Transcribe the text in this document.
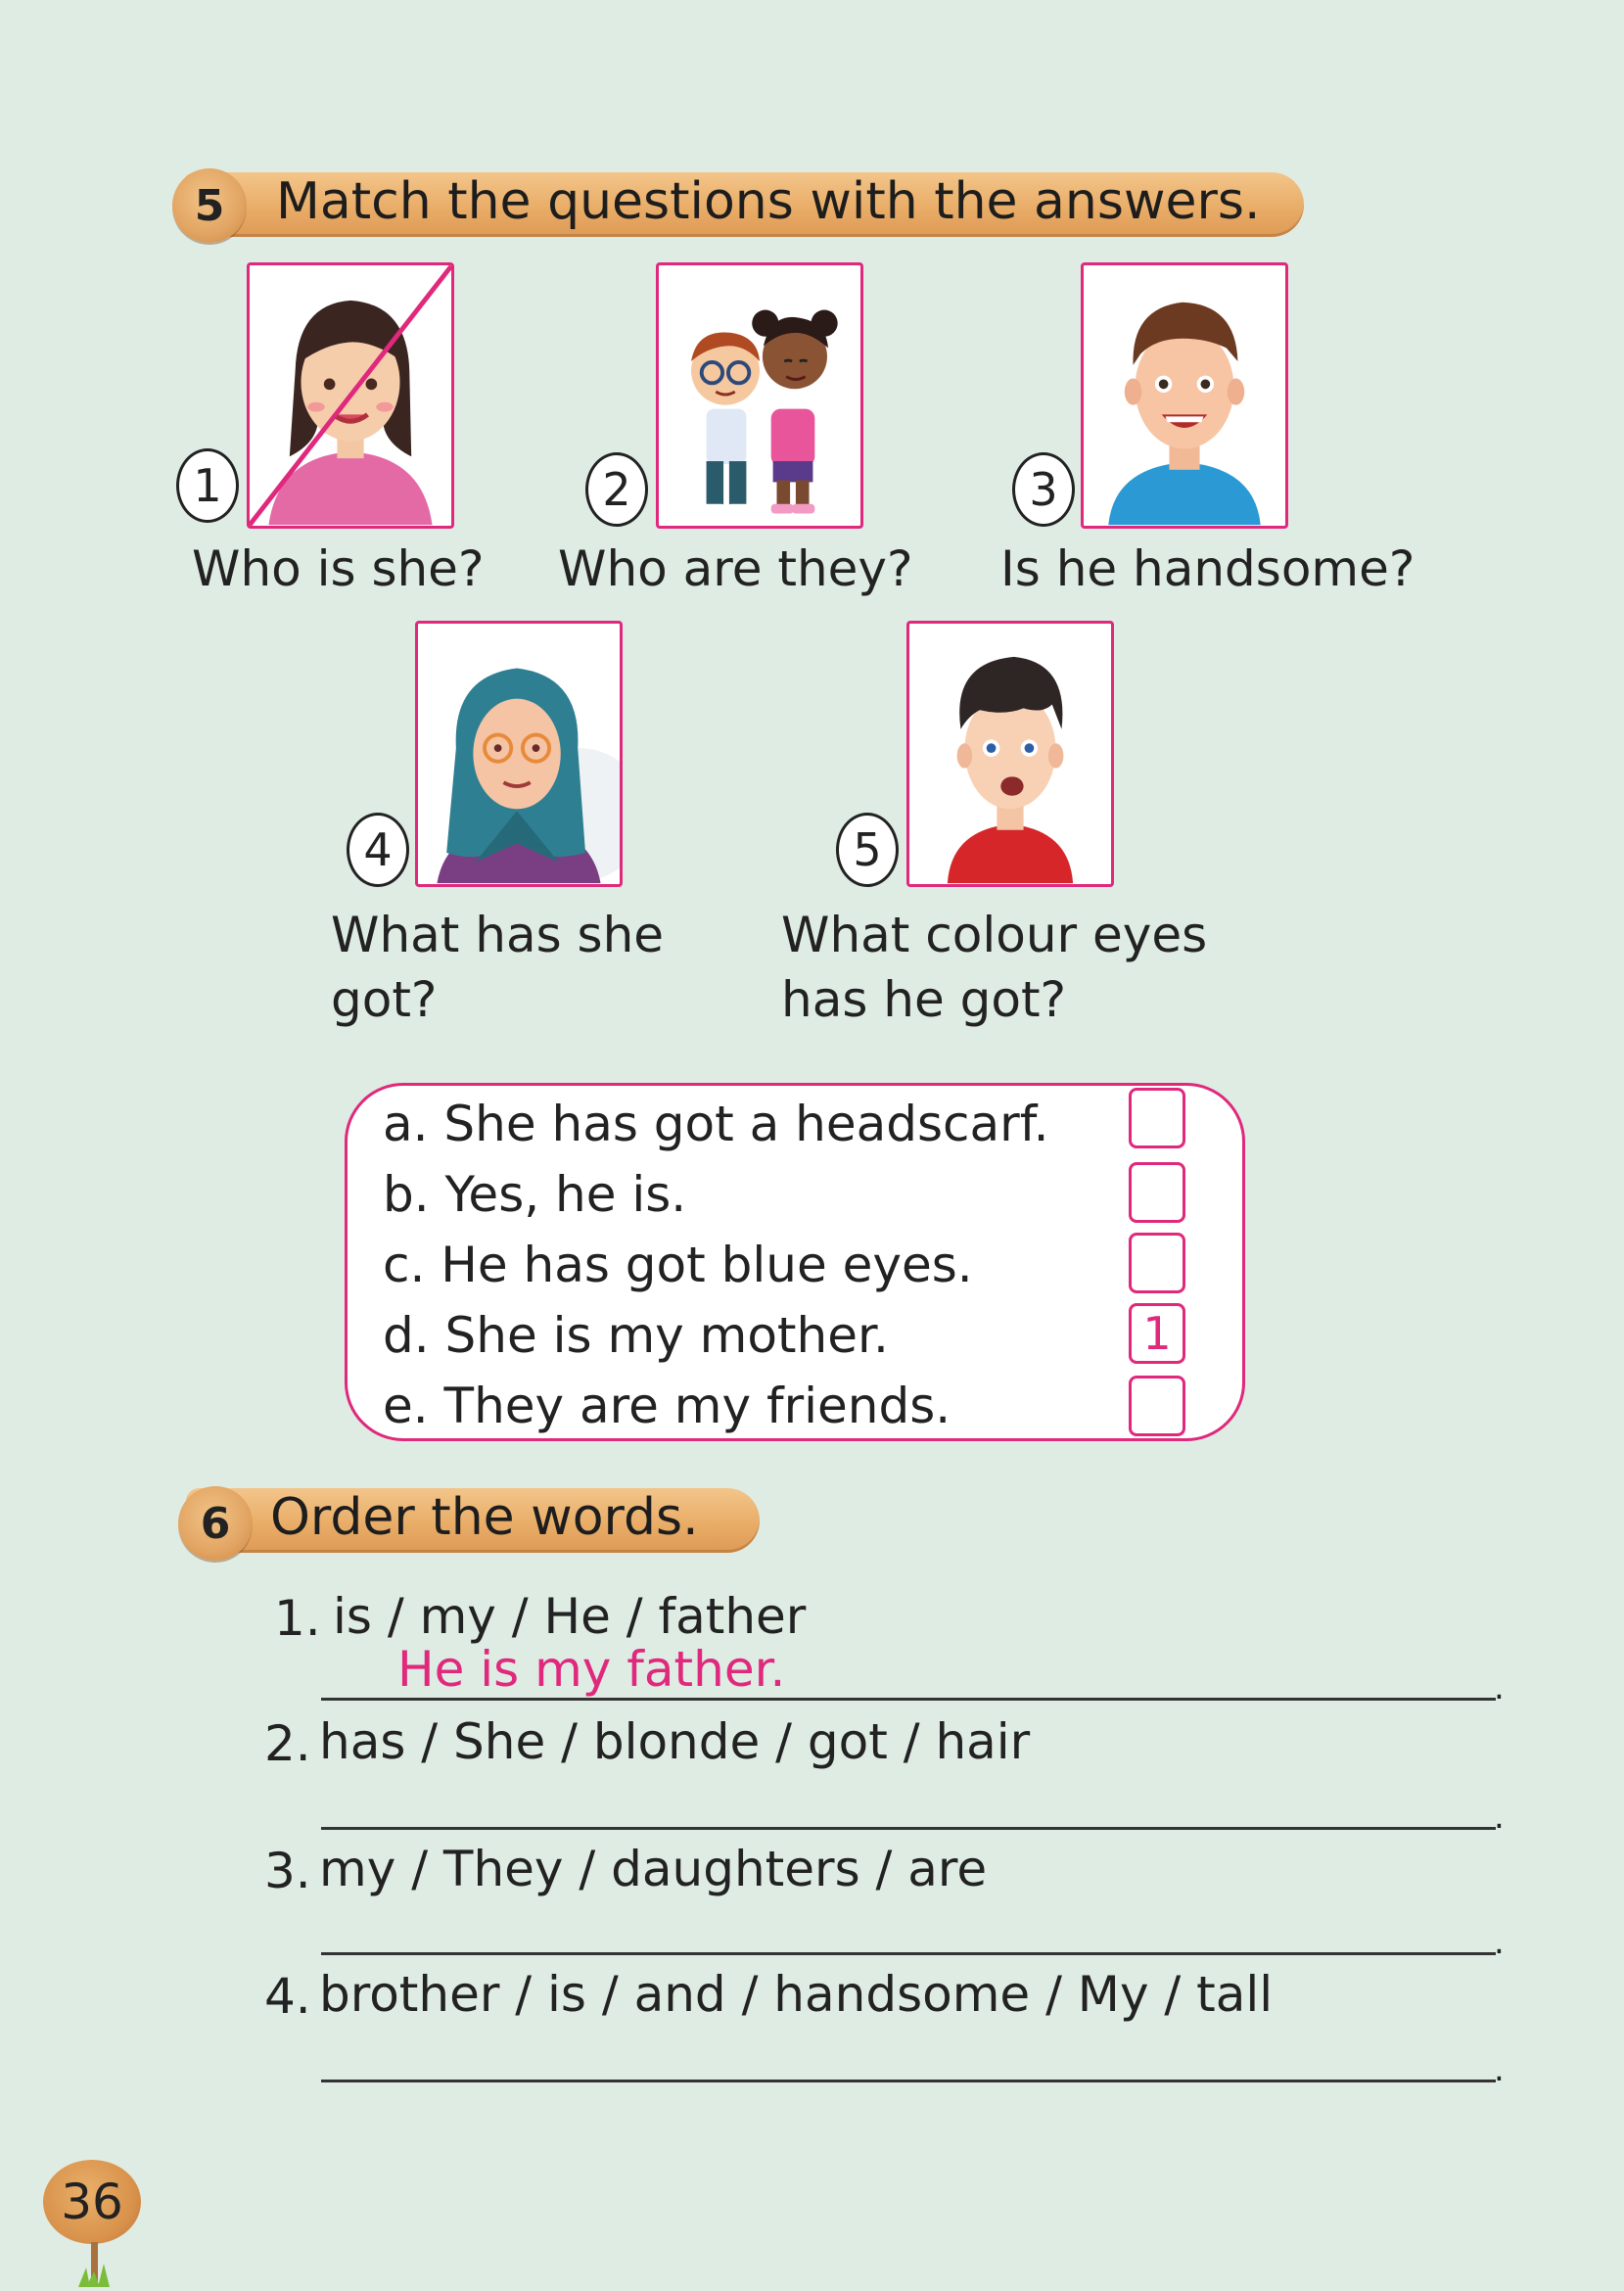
5 Match the questions with the answers.
1
Who is she?
2
Who are they?
3
Is he handsome?
4
What has she
got?
5
What colour eyes
has he got?
a. She has got a headscarf.
b. Yes, he is.
c. He has got blue eyes.
d. She is my mother.	1
e. They are my friends.
6 Order the words.
1. is / my / He / father
He is my father.	.
2. has / She / blonde / got / hair
.
3. my / They / daughters / are
.
4. brother / is / and / handsome / My / tall
.
36
